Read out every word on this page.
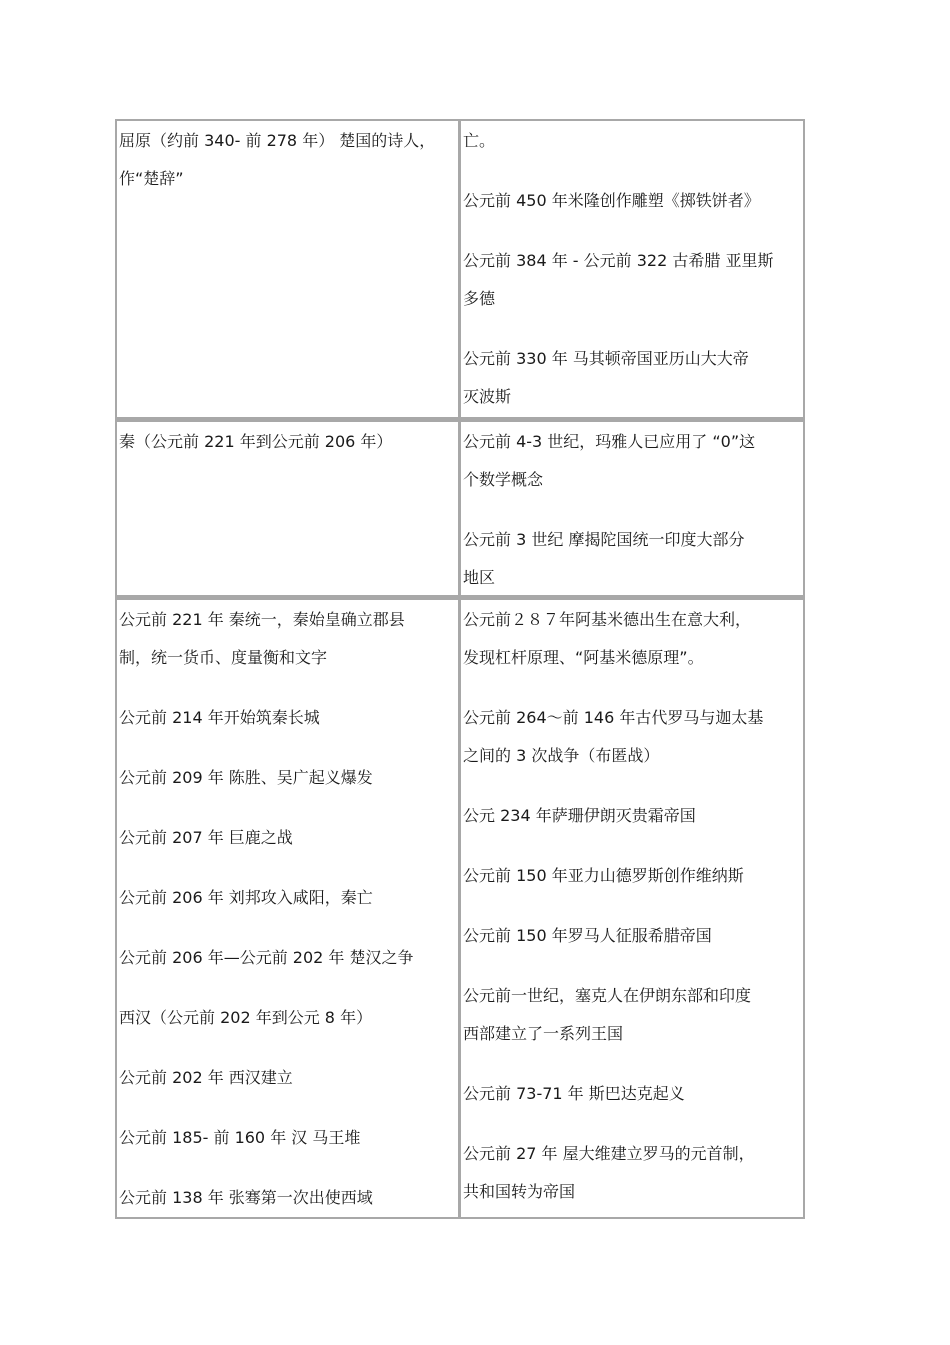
屈原（约前 340- 前 278 年） 楚国的诗人，
作“楚辞”
亡。
公元前 450 年米隆创作雕塑《掷铁饼者》
公元前 384 年 - 公元前 322 古希腊 亚里斯
多德
公元前 330 年 马其顿帝国亚历山大大帝
灭波斯
秦（公元前 221 年到公元前 206 年）	公元前 4-3 世纪，玛雅人已应用了 “0”这
个数学概念
公元前 3 世纪 摩揭陀国统一印度大部分
地区
公元前 221 年 秦统一，秦始皇确立郡县
制，统一货币、度量衡和文字
公元前 214 年开始筑秦长城
公元前 209 年 陈胜、吴广起义爆发
公元前 207 年 巨鹿之战
公元前 206 年 刘邦攻入咸阳，秦亡
公元前 206 年—公元前 202 年 楚汉之争
西汉（公元前 202 年到公元 8 年）
公元前 202 年 西汉建立
公元前 185- 前 160 年 汉 马王堆
公元前 138 年 张骞第一次出使西域
公元前２８７年阿基米德出生在意大利，
发现杠杆原理、“阿基米德原理”。
公元前 264～前 146 年古代罗马与迦太基
之间的 3 次战争（布匿战）
公元 234 年萨珊伊朗灭贵霜帝国
公元前 150 年亚力山德罗斯创作维纳斯
公元前 150 年罗马人征服希腊帝国
公元前一世纪，塞克人在伊朗东部和印度
西部建立了一系列王国
公元前 73-71 年 斯巴达克起义
公元前 27 年 屋大维建立罗马的元首制，
共和国转为帝国
